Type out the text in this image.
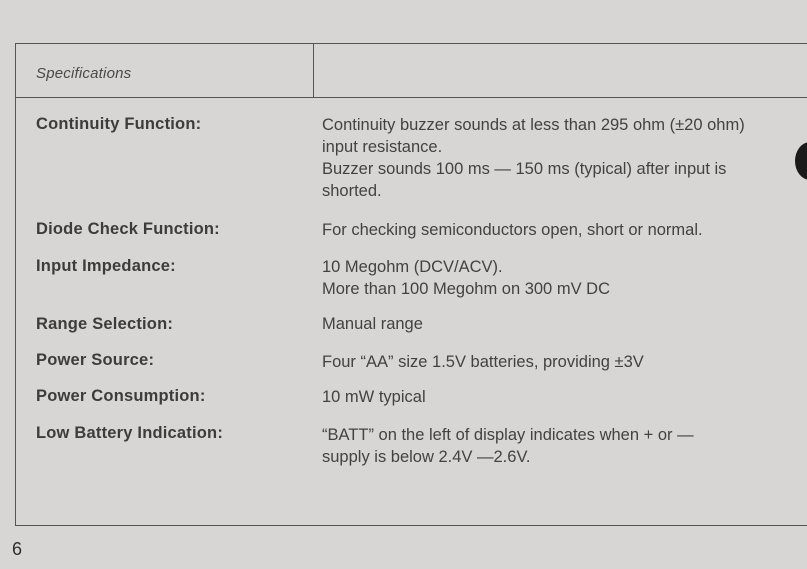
Specifications
Continuity Function:	Continuity buzzer sounds at less than 295 ohm (±20 ohm)
input resistance.
Buzzer sounds 100 ms — 150 ms (typical) after input is
shorted.
Diode Check Function:	For checking semiconductors open, short or normal.
Input Impedance:	10 Megohm (DCV/ACV).
More than 100 Megohm on 300 mV DC
Range Selection:	Manual range
Power Source:	Four “AA” size 1.5V batteries, providing ±3V
Power Consumption:	10 mW typical
Low Battery Indication:	“BATT” on the left of display indicates when + or —
supply is below 2.4V —2.6V.
6
